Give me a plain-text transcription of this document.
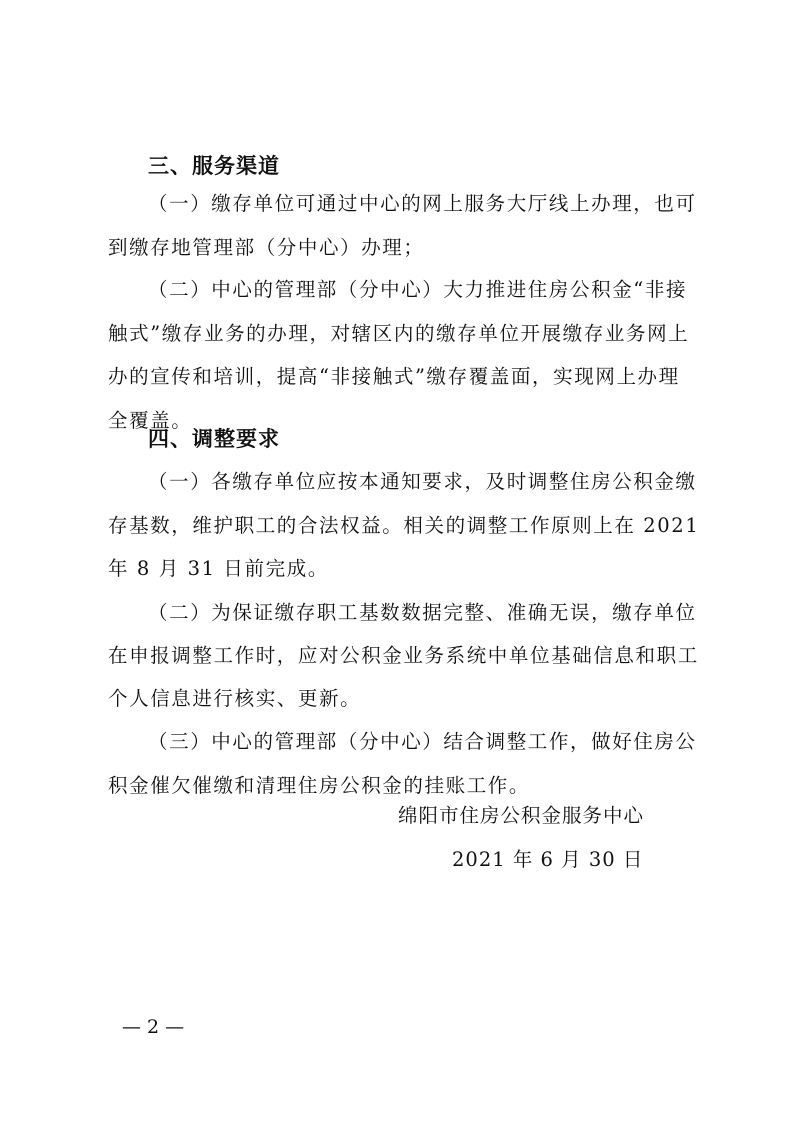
三、服务渠道
（一）缴存单位可通过中心的网上服务大厅线上办理，也可
到缴存地管理部（分中心）办理；
（二）中心的管理部（分中心）大力推进住房公积金“非接
触式”缴存业务的办理，对辖区内的缴存单位开展缴存业务网上
办的宣传和培训，提高“非接触式”缴存覆盖面，实现网上办理
全覆盖。
四、调整要求
（一）各缴存单位应按本通知要求，及时调整住房公积金缴
存基数，维护职工的合法权益。相关的调整工作原则上在 2021
年 8 月 31 日前完成。
（二）为保证缴存职工基数数据完整、准确无误，缴存单位
在申报调整工作时，应对公积金业务系统中单位基础信息和职工
个人信息进行核实、更新。
（三）中心的管理部（分中心）结合调整工作，做好住房公
积金催欠催缴和清理住房公积金的挂账工作。
绵阳市住房公积金服务中心
2021 年 6 月 30 日
— 2 —
